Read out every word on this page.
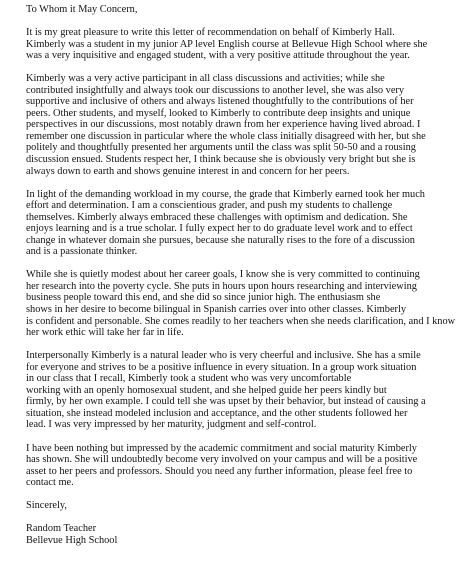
To Whom it May Concern,

It is my great pleasure to write this letter of recommendation on behalf of Kimberly Hall.
Kimberly was a student in my junior AP level English course at Bellevue High School where she
was a very inquisitive and engaged student, with a very positive attitude throughout the year.

Kimberly was a very active participant in all class discussions and activities; while she
contributed insightfully and always took our discussions to another level, she was also very
supportive and inclusive of others and always listened thoughtfully to the contributions of her
peers. Other students, and myself, looked to Kimberly to contribute deep insights and unique
perspectives in our discussions, most notably drawn from her experience having lived abroad. I
remember one discussion in particular where the whole class initially disagreed with her, but she
politely and thoughtfully presented her arguments until the class was split 50-50 and a rousing
discussion ensued. Students respect her, I think because she is obviously very bright but she is
always down to earth and shows genuine interest in and concern for her peers.

In light of the demanding workload in my course, the grade that Kimberly earned took her much
effort and determination. I am a conscientious grader, and push my students to challenge
themselves. Kimberly always embraced these challenges with optimism and dedication. She
enjoys learning and is a true scholar. I fully expect her to do graduate level work and to effect
change in whatever domain she pursues, because she naturally rises to the fore of a discussion
and is a passionate thinker.

While she is quietly modest about her career goals, I know she is very committed to continuing
her research into the poverty cycle. She puts in hours upon hours researching and interviewing
business people toward this end, and she did so since junior high. The enthusiasm she
shows in her desire to become bilingual in Spanish carries over into other classes. Kimberly
is confident and personable. She comes readily to her teachers when she needs clarification, and I know
her work ethic will take her far in life.

Interpersonally Kimberly is a natural leader who is very cheerful and inclusive. She has a smile
for everyone and strives to be a positive influence in every situation. In a group work situation
in our class that I recall, Kimberly took a student who was very uncomfortable
working with an openly homosexual student, and she helped guide her peers kindly but
firmly, by her own example. I could tell she was upset by their behavior, but instead of causing a
situation, she instead modeled inclusion and acceptance, and the other students followed her
lead. I was very impressed by her maturity, judgment and self-control.

I have been nothing but impressed by the academic commitment and social maturity Kimberly
has shown. She will undoubtedly become very involved on your campus and will be a positive
asset to her peers and professors. Should you need any further information, please feel free to
contact me.

Sincerely,

Random Teacher
Bellevue High School
